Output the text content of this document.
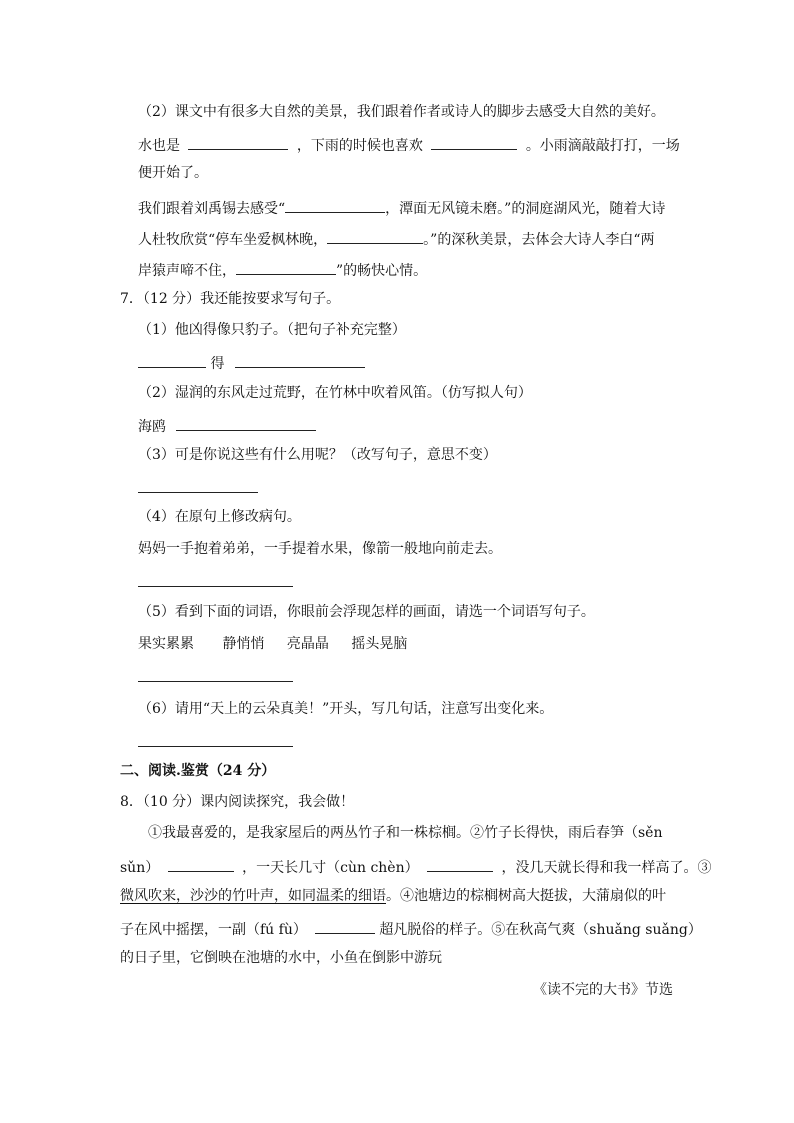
（2）课文中有很多大自然的美景，我们跟着作者或诗人的脚步去感受大自然的美好。
水也是	，下雨的时候也喜欢	。小雨滴敲敲打打，一场
便开始了。
我们跟着刘禹锡去感受“	，潭面无风镜未磨。”的洞庭湖风光，随着大诗
人杜牧欣赏“停车坐爱枫林晚，	。”的深秋美景，去体会大诗人李白“两
岸猿声啼不住，	”的畅快心情。
7．（12 分）我还能按要求写句子。
（1）他凶得像只豹子。（把句子补充完整）
得
（2）湿润的东风走过荒野，在竹林中吹着风笛。（仿写拟人句）
海鸥
（3）可是你说这些有什么用呢？（改写句子，意思不变）
（4）在原句上修改病句。
妈妈一手抱着弟弟，一手提着水果，像箭一般地向前走去。
（5）看到下面的词语，你眼前会浮现怎样的画面，请选一个词语写句子。
果实累累 静悄悄 亮晶晶 摇头晃脑
（6）请用“天上的云朵真美！”开头，写几句话，注意写出变化来。
二、阅读.鉴赏（24 分）
8．（10 分）课内阅读探究，我会做！
①我最喜爱的，是我家屋后的两丛竹子和一株棕榈。②竹子长得快，雨后春笋（sěn
sǔn）	，一天长几寸（cùn chèn）	，没几天就长得和我一样高了。③
微风吹来，沙沙的竹叶声，如同温柔的细语。④池塘边的棕榈树高大挺拔，大蒲扇似的叶
子在风中摇摆，一副（fú fù）	超凡脱俗的样子。⑤在秋高气爽（shuǎng suǎng）
的日子里，它倒映在池塘的水中，小鱼在倒影中游玩
《读不完的大书》节选
